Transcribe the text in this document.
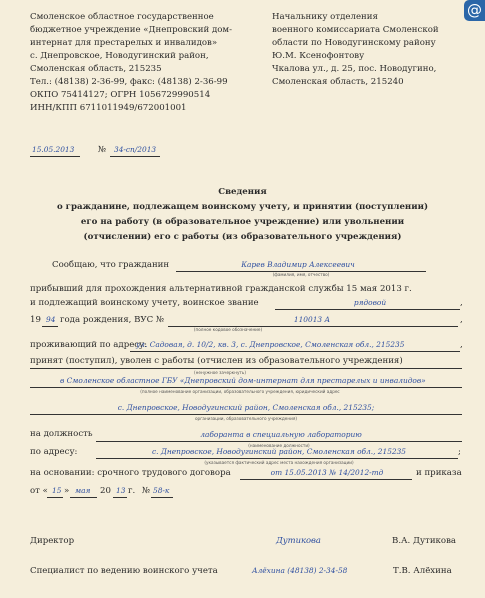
@
Смоленское областное государственное
бюджетное учреждение «Днепровский дом-
интернат для престарелых и инвалидов»
с. Днепровское, Новодугинский район,
Смоленская область, 215235
Тел.: (48138) 2-36-99, факс: (48138) 2-36-99
ОКПО 75414127; ОГРН 1056729990514
ИНН/КПП 6711011949/672001001
Начальнику отделения
военного комиссариата Смоленской
области по Новодугинскому району
Ю.М. Ксенофонтову
Чкалова ул., д. 25, пос. Новодугино,
Смоленская область, 215240
15.05.2013	№ 34-сп/2013
Сведения
о гражданине, подлежащем воинскому учету, и принятии (поступлении)
его на работу (в образовательное учреждение) или увольнении
(отчислении) его с работы (из образовательного учреждения)
Сообщаю, что гражданин	Карев Владимир Алексеевич
(фамилия, имя, отчество)
прибывший для прохождения альтернативной гражданской службы 15 мая 2013 г.
и подлежащий воинскому учету, воинское звание	рядовой	,
19 94 года рождения, ВУС №	110013 А
(полное кодовое обозначение)
,
проживающий по адресу:
ул. Садовая, д. 10/2, кв. 3, с. Днепровское, Смоленская обл., 215235	,
принят (поступил), уволен с работы (отчислен из образовательного учреждения)
(ненужное зачеркнуть)
в Смоленское областное ГБУ «Днепровский дом-интернат для престарелых и инвалидов»
(полное наименование организации, образовательного учреждения, юридический адрес
с. Днепровское, Новодугинский район, Смоленская обл., 215235;
организации, образовательного учреждения)
на должность	лаборанта в специальную лабораторию
(наименование должности)
по адресу:	с. Днепровское, Новодугинский район, Смоленская обл., 215235
(указывается фактический адрес места нахождения организации)
;
на основании: срочного трудового договора	от 15.05.2013 № 14/2012-тд	и приказа
от « 15 » мая 20 13 г. № 58-к
Директор	Дутикова	В.А. Дутикова
Специалист по ведению воинского учета	Алёхина (48138) 2-34-58	Т.В. Алёхина
